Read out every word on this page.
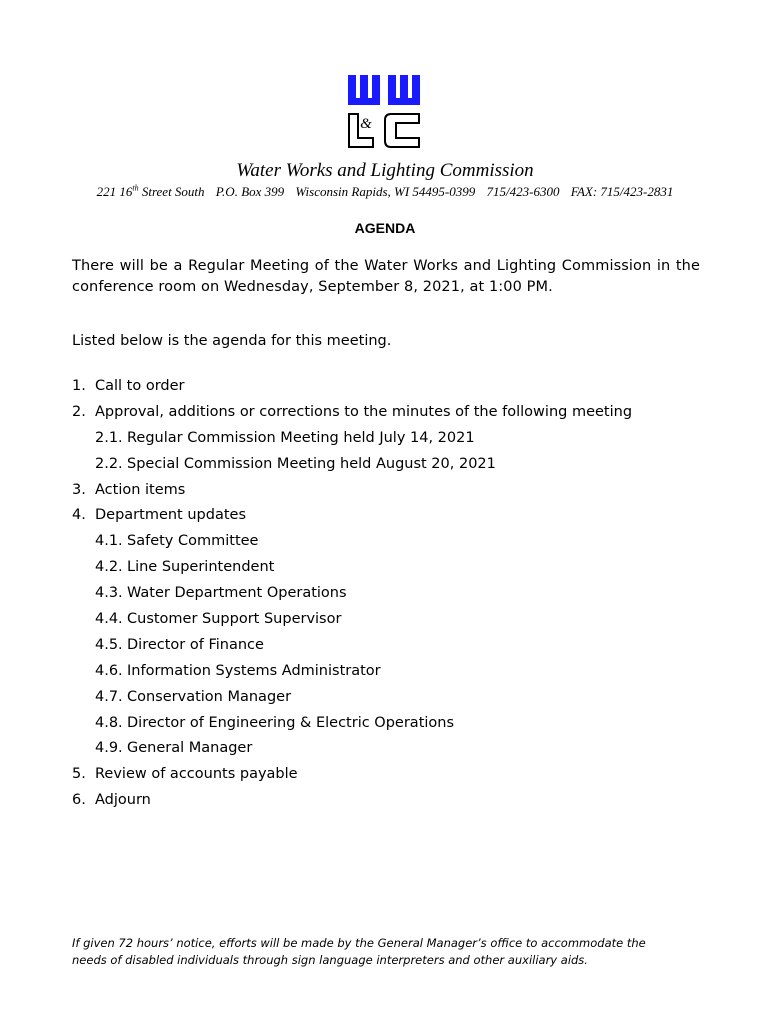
&
Water Works and Lighting Commission
221 16th Street South P.O. Box 399 Wisconsin Rapids, WI 54495-0399 715/423-6300 FAX: 715/423-2831
AGENDA
There will be a Regular Meeting of the Water Works and Lighting Commission in the
conference room on Wednesday, September 8, 2021, at 1:00 PM.
Listed below is the agenda for this meeting.
1. Call to order
2. Approval, additions or corrections to the minutes of the following meeting
2.1. Regular Commission Meeting held July 14, 2021
2.2. Special Commission Meeting held August 20, 2021
3. Action items
4. Department updates
4.1. Safety Committee
4.2. Line Superintendent
4.3. Water Department Operations
4.4. Customer Support Supervisor
4.5. Director of Finance
4.6. Information Systems Administrator
4.7. Conservation Manager
4.8. Director of Engineering & Electric Operations
4.9. General Manager
5. Review of accounts payable
6. Adjourn
If given 72 hours’ notice, efforts will be made by the General Manager’s office to accommodate the
needs of disabled individuals through sign language interpreters and other auxiliary aids.
